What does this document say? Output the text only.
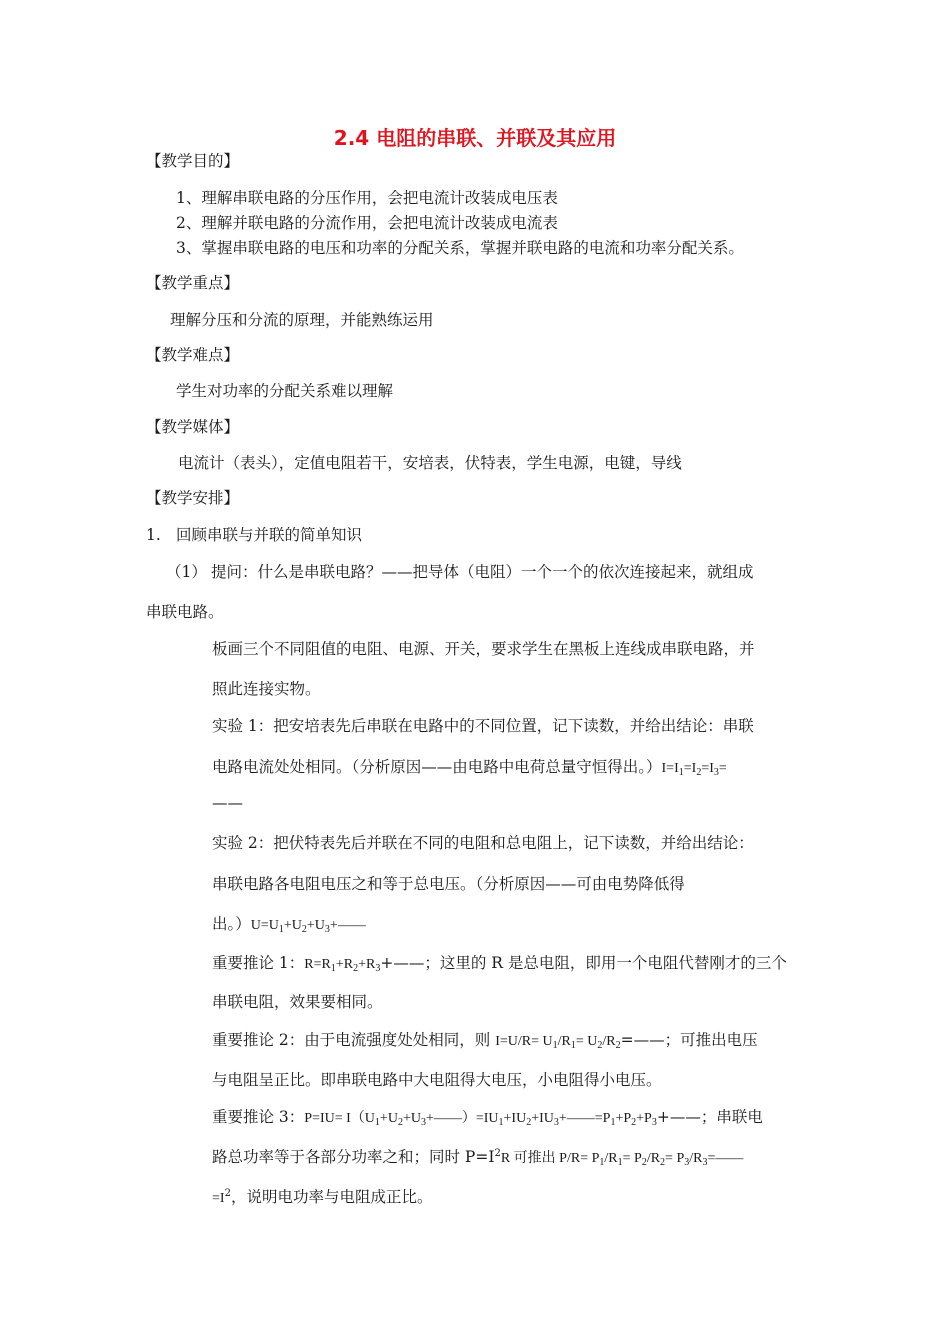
2.4 电阻的串联、并联及其应用
【教学目的】
1、理解串联电路的分压作用，会把电流计改装成电压表
2、理解并联电路的分流作用，会把电流计改装成电流表
3、掌握串联电路的电压和功率的分配关系，掌握并联电路的电流和功率分配关系。
【教学重点】
理解分压和分流的原理，并能熟练运用
【教学难点】
学生对功率的分配关系难以理解
【教学媒体】
电流计（表头），定值电阻若干，安培表，伏特表，学生电源，电键，导线
【教学安排】
1. 回顾串联与并联的简单知识
（1） 提问：什么是串联电路？——把导体（电阻）一个一个的依次连接起来，就组成
串联电路。
板画三个不同阻值的电阻、电源、开关，要求学生在黑板上连线成串联电路，并
照此连接实物。
实验 1：把安培表先后串联在电路中的不同位置，记下读数，并给出结论：串联
电路电流处处相同。（分析原因——由电路中电荷总量守恒得出。）$I=I_1=I_2=I_3=$
——
实验 2：把伏特表先后并联在不同的电阻和总电阻上，记下读数，并给出结论：
串联电路各电阻电压之和等于总电压。（分析原因——可由电势降低得
出。）$U=U_1+U_2+U_3+——$
重要推论 1：$R=R_1+R_2+R_3+——$；这里的 R 是总电阻，即用一个电阻代替刚才的三个
串联电阻，效果要相同。
重要推论 2：由于电流强度处处相同，则 $I=U/R= U_1/R_1=$ $U_2/R_2=——$；可推出电压
与电阻呈正比。即串联电路中大电阻得大电压，小电阻得小电压。
重要推论 3：$P=IU= I(U_1+U_2+U_3+——)=IU_1+IU_2+IU_3+——=P_1+P_2+P_3+——$；串联电
路总功率等于各部分功率之和；同时 $P=I^2R$ 可推出 $P/R= P_1/R_1= P_2/R_2=$ $P_3/R_3=——$
$=I^2$，说明电功率与电阻成正比。
